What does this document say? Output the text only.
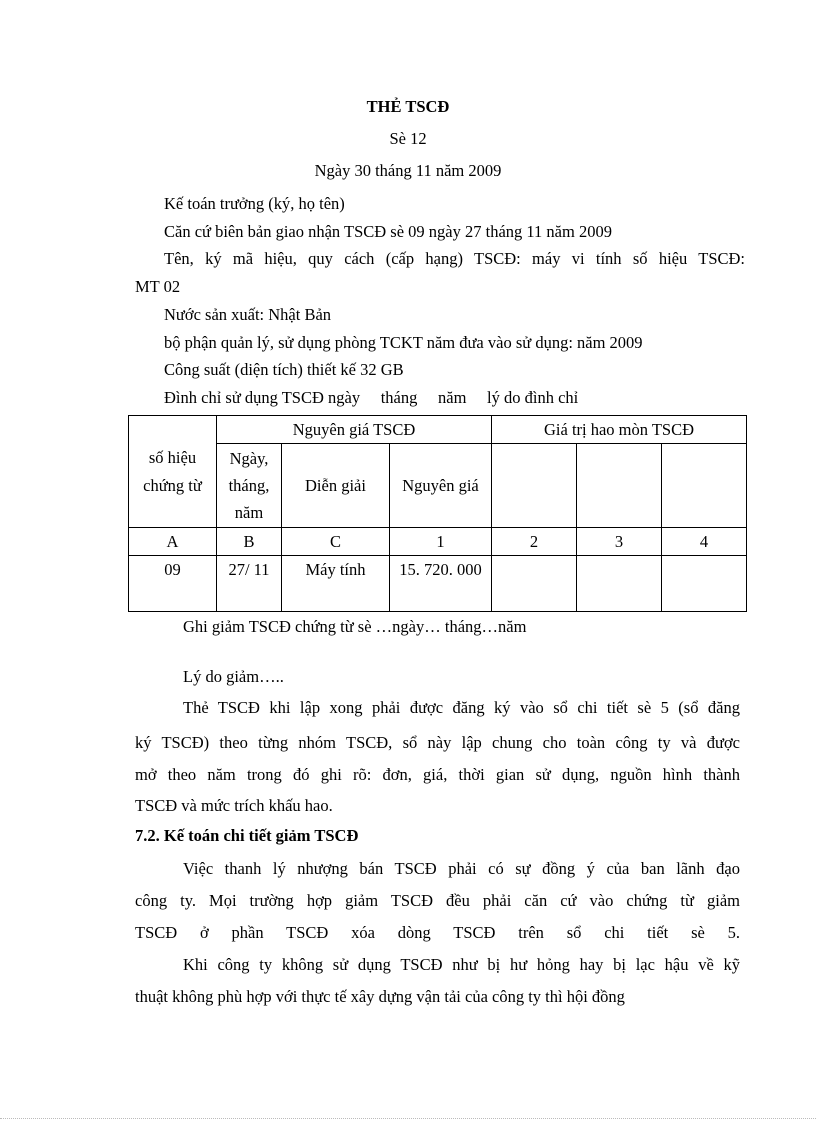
THẺ TSCĐ
Sè 12
Ngày 30 tháng 11 năm 2009
Kế toán trưởng (ký, họ tên)
Căn cứ biên bản giao nhận TSCĐ sè 09 ngày 27 tháng 11 năm 2009
Tên, ký mã hiệu, quy cách (cấp hạng) TSCĐ: máy vi tính số hiệu TSCĐ:
MT 02
Nước sản xuất: Nhật Bản
bộ phận quản lý, sử dụng phòng TCKT năm đưa vào sử dụng: năm 2009
Công suất (diện tích) thiết kế 32 GB
Đình chỉ sử dụng TSCĐ ngày     tháng     năm     lý do đình chỉ
số hiệu chứng từ	Nguyên giá TSCĐ			Giá trị hao mòn TSCĐ		
	Ngày, tháng, năm	Diễn giải	Nguyên giá			
A	B	C	1	2	3	4
09	27/ 11	Máy tính	15. 720. 000			
Ghi giảm TSCĐ chứng từ sè …ngày… tháng…năm
Lý do giảm…..
Thẻ TSCĐ khi lập xong phải được đăng ký vào sổ chi tiết sè 5 (sổ đăng
ký TSCĐ) theo từng nhóm TSCĐ, sổ này lập chung cho toàn công ty và được
mở theo năm trong đó ghi rõ: đơn, giá, thời gian sử dụng, nguồn hình thành
TSCĐ và mức trích khấu hao.
7.2. Kế toán chi tiết giảm TSCĐ
Việc thanh lý nhượng bán TSCĐ phải có sự đồng ý của ban lãnh đạo
công ty. Mọi trường hợp giảm TSCĐ đều phải căn cứ vào chứng từ giảm
TSCĐ ở phần TSCĐ xóa dòng TSCĐ trên sổ chi tiết sè 5.
Khi công ty không sử dụng TSCĐ như bị hư hỏng hay bị lạc hậu về kỹ
thuật không phù hợp với thực tế xây dựng vận tải của công ty thì hội đồng
